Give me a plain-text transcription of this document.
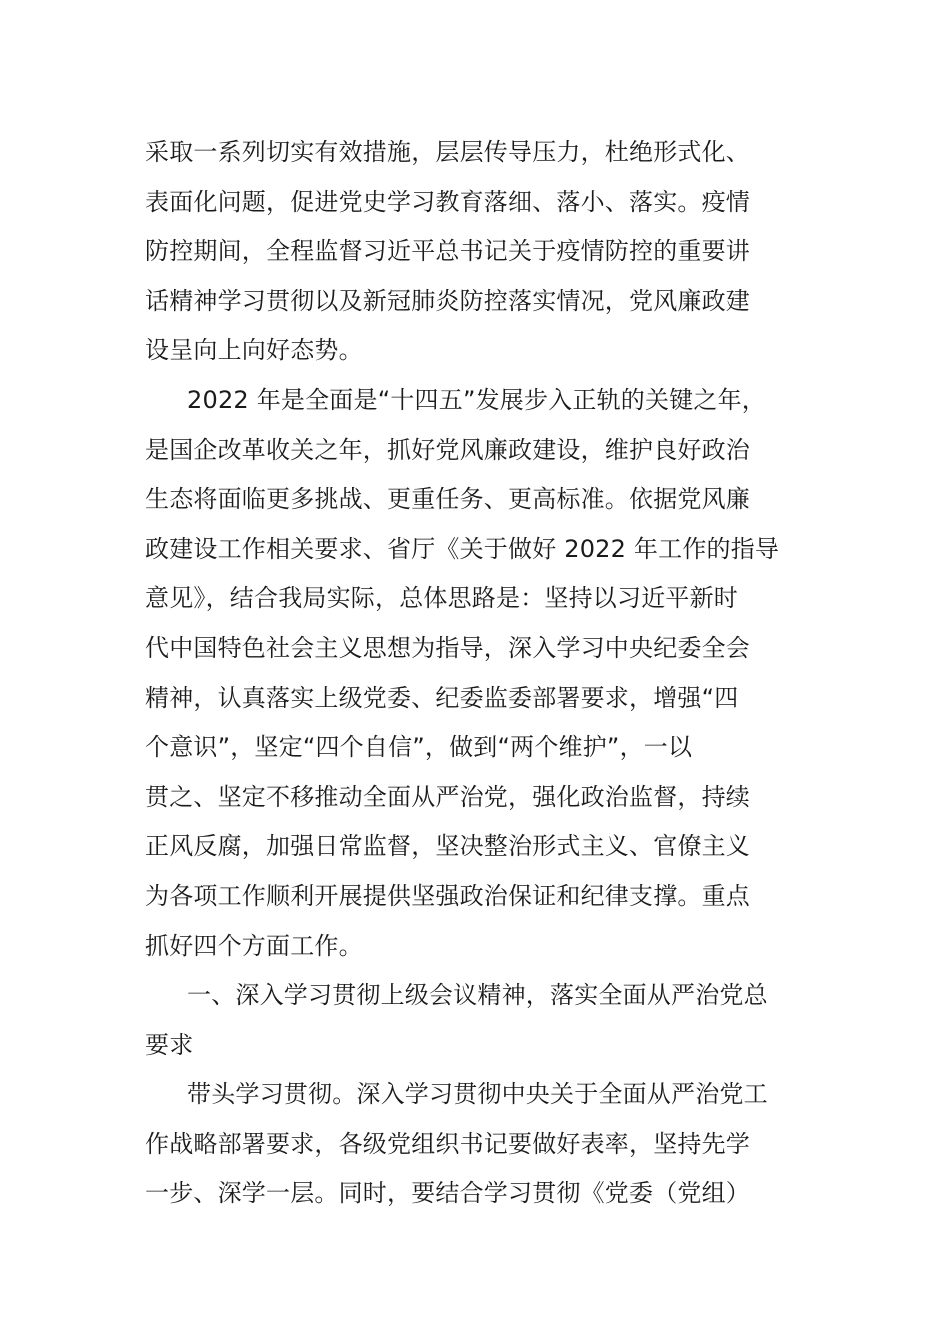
采取一系列切实有效措施，层层传导压力，杜绝形式化、
表面化问题，促进党史学习教育落细、落小、落实。疫情
防控期间，全程监督习近平总书记关于疫情防控的重要讲
话精神学习贯彻以及新冠肺炎防控落实情况，党风廉政建
设呈向上向好态势。
2022 年是全面是“十四五”发展步入正轨的关键之年，
是国企改革收关之年，抓好党风廉政建设，维护良好政治
生态将面临更多挑战、更重任务、更高标准。依据党风廉
政建设工作相关要求、省厅《关于做好 2022 年工作的指导
意见》，结合我局实际，总体思路是：坚持以习近平新时
代中国特色社会主义思想为指导，深入学习中央纪委全会
精神，认真落实上级党委、纪委监委部署要求，增强“四
个意识”，坚定“四个自信”，做到“两个维护”，一以
贯之、坚定不移推动全面从严治党，强化政治监督，持续
正风反腐，加强日常监督，坚决整治形式主义、官僚主义
为各项工作顺利开展提供坚强政治保证和纪律支撑。重点
抓好四个方面工作。
一、深入学习贯彻上级会议精神，落实全面从严治党总
要求
带头学习贯彻。深入学习贯彻中央关于全面从严治党工
作战略部署要求，各级党组织书记要做好表率，坚持先学
一步、深学一层。同时，要结合学习贯彻《党委（党组）
